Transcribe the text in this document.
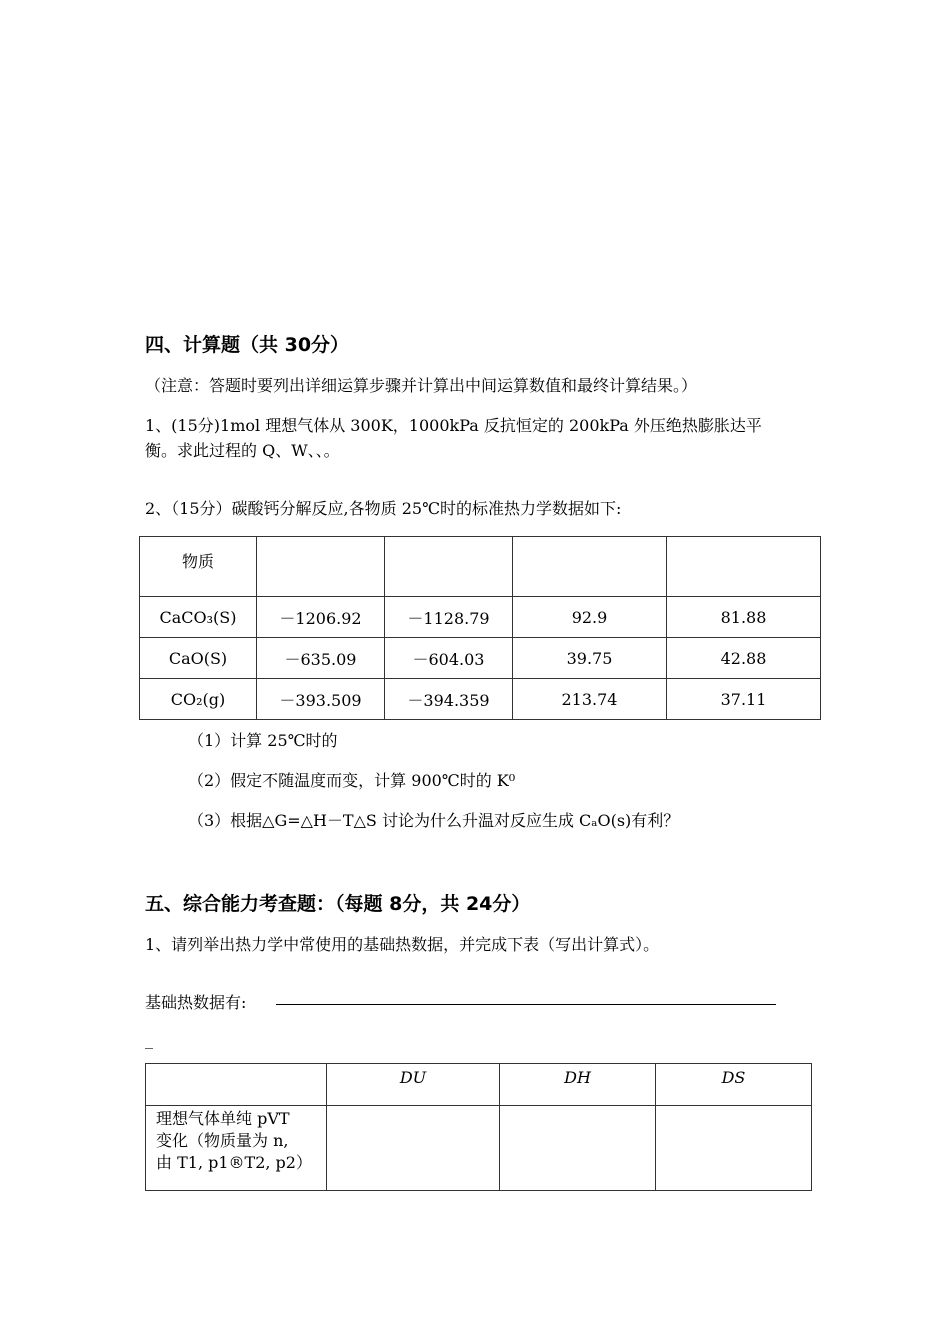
四、计算题（共 30分）
（注意：答题时要列出详细运算步骤并计算出中间运算数值和最终计算结果。）
1、(15分)1mol 理想气体从 300K，1000kPa 反抗恒定的 200kPa 外压绝热膨胀达平
衡。求此过程的 Q、W、、。
2、（15分）碳酸钙分解反应,各物质 25℃时的标准热力学数据如下:
物质				
CaCO₃(S)	－1206.92	－1128.79	92.9	81.88
CaO(S)	－635.09	－604.03	39.75	42.88
CO₂(g)	－393.509	－394.359	213.74	37.11
（1）计算 25℃时的
（2）假定不随温度而变，计算 900℃时的 K⁰
（3）根据△G=△H－T△S 讨论为什么升温对反应生成 CₐO(s)有利？
五、综合能力考查题：（每题 8分，共 24分）
1、请列举出热力学中常使用的基础热数据，并完成下表（写出计算式）。
基础热数据有:
_
	DU	DH	DS

理想气体单纯 pVT
变化（物质量为 n,
由 T1, p1®T2, p2）			
